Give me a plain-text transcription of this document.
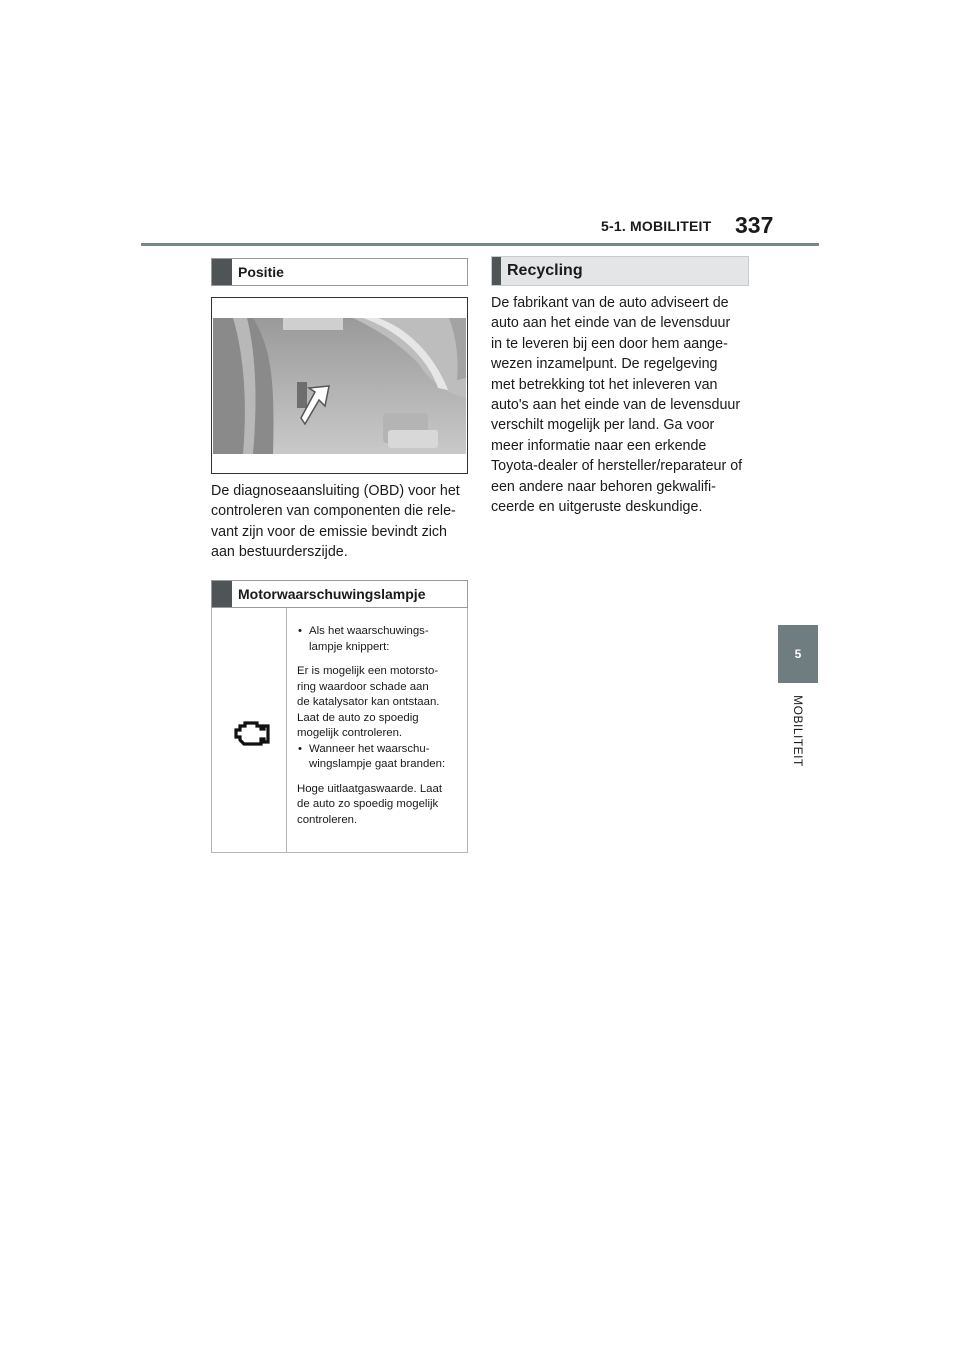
5-1. MOBILITEIT 337
5
MOBILITEIT
Positie

De diagnoseaansluiting (OBD) voor het

controleren van componenten die rele-

vant zijn voor de emissie bevindt zich

aan bestuurderszijde.

Motorwaarschuwingslampje
• Als het waarschuwings-
lampje knippert:
Er is mogelijk een motorsto-
ring waardoor schade aan
de katalysator kan ontstaan.
Laat de auto zo spoedig
mogelijk controleren.
• Wanneer het waarschu-
wingslampje gaat branden:
Hoge uitlaatgaswaarde. Laat
de auto zo spoedig mogelijk
controleren.
Recycling

De fabrikant van de auto adviseert de

auto aan het einde van de levensduur

in te leveren bij een door hem aange-

wezen inzamelpunt. De regelgeving

met betrekking tot het inleveren van

auto's aan het einde van de levensduur

verschilt mogelijk per land. Ga voor

meer informatie naar een erkende

Toyota-dealer of hersteller/reparateur of

een andere naar behoren gekwalifi-

ceerde en uitgeruste deskundige.
